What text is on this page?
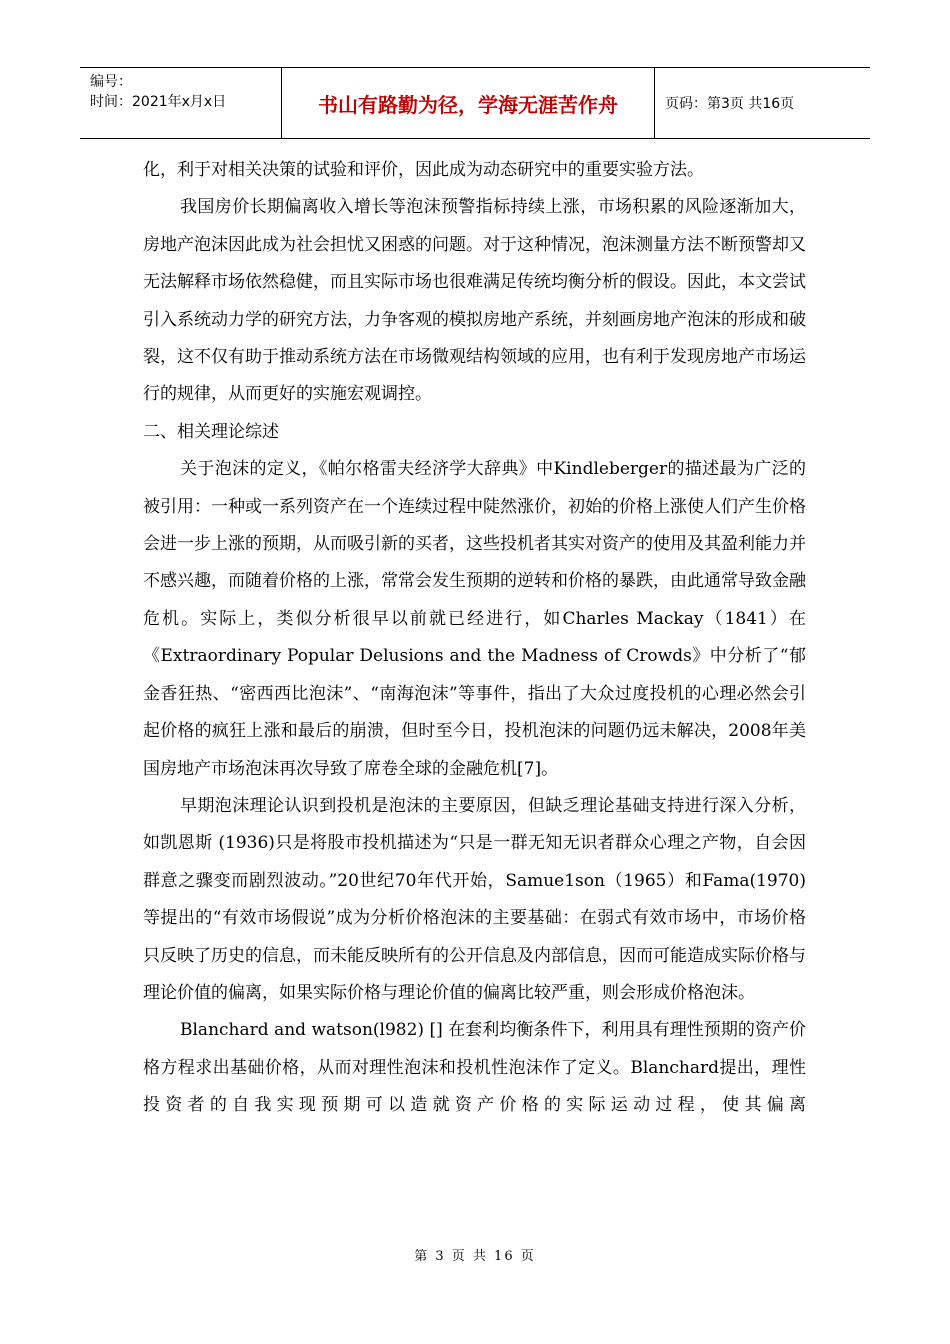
编号：
时间：2021年x月x日	书山有路勤为径，学海无涯苦作舟	页码：第3页 共16页

化，利于对相关决策的试验和评价，因此成为动态研究中的重要实验方法。

我国房价长期偏离收入增长等泡沫预警指标持续上涨，市场积累的风险逐渐加大，房地产泡沫因此成为社会担忧又困惑的问题。对于这种情况，泡沫测量方法不断预警却又无法解释市场依然稳健，而且实际市场也很难满足传统均衡分析的假设。因此，本文尝试引入系统动力学的研究方法，力争客观的模拟房地产系统，并刻画房地产泡沫的形成和破裂，这不仅有助于推动系统方法在市场微观结构领域的应用，也有利于发现房地产市场运行的规律，从而更好的实施宏观调控。

二、相关理论综述

关于泡沫的定义，《帕尔格雷夫经济学大辞典》中Kindleberger的描述最为广泛的被引用：一种或一系列资产在一个连续过程中陡然涨价，初始的价格上涨使人们产生价格会进一步上涨的预期，从而吸引新的买者，这些投机者其实对资产的使用及其盈利能力并不感兴趣，而随着价格的上涨，常常会发生预期的逆转和价格的暴跌，由此通常导致金融危机。实际上，类似分析很早以前就已经进行，如Charles Mackay（1841）在 《Extraordinary Popular Delusions and the Madness of Crowds》中分析了“郁金香狂热、“密西西比泡沫”、“南海泡沫”等事件，指出了大众过度投机的心理必然会引起价格的疯狂上涨和最后的崩溃，但时至今日，投机泡沫的问题仍远未解决，2008年美国房地产市场泡沫再次导致了席卷全球的金融危机[7]。

早期泡沫理论认识到投机是泡沫的主要原因，但缺乏理论基础支持进行深入分析，如凯恩斯 (1936)只是将股市投机描述为“只是一群无知无识者群众心理之产物，自会因群意之骤变而剧烈波动。”20世纪70年代开始，Samue1son（1965）和Fama(1970)等提出的“有效市场假说”成为分析价格泡沫的主要基础：在弱式有效市场中，市场价格只反映了历史的信息，而未能反映所有的公开信息及内部信息，因而可能造成实际价格与理论价值的偏离，如果实际价格与理论价值的偏离比较严重，则会形成价格泡沫。

Blanchard and watson(l982) [] 在套利均衡条件下，利用具有理性预期的资产价格方程求出基础价格，从而对理性泡沫和投机性泡沫作了定义。Blanchard提出，理性投资者的自我实现预期可以造就资产价格的实际运动过程，使其偏离

第 3 页 共 16 页
